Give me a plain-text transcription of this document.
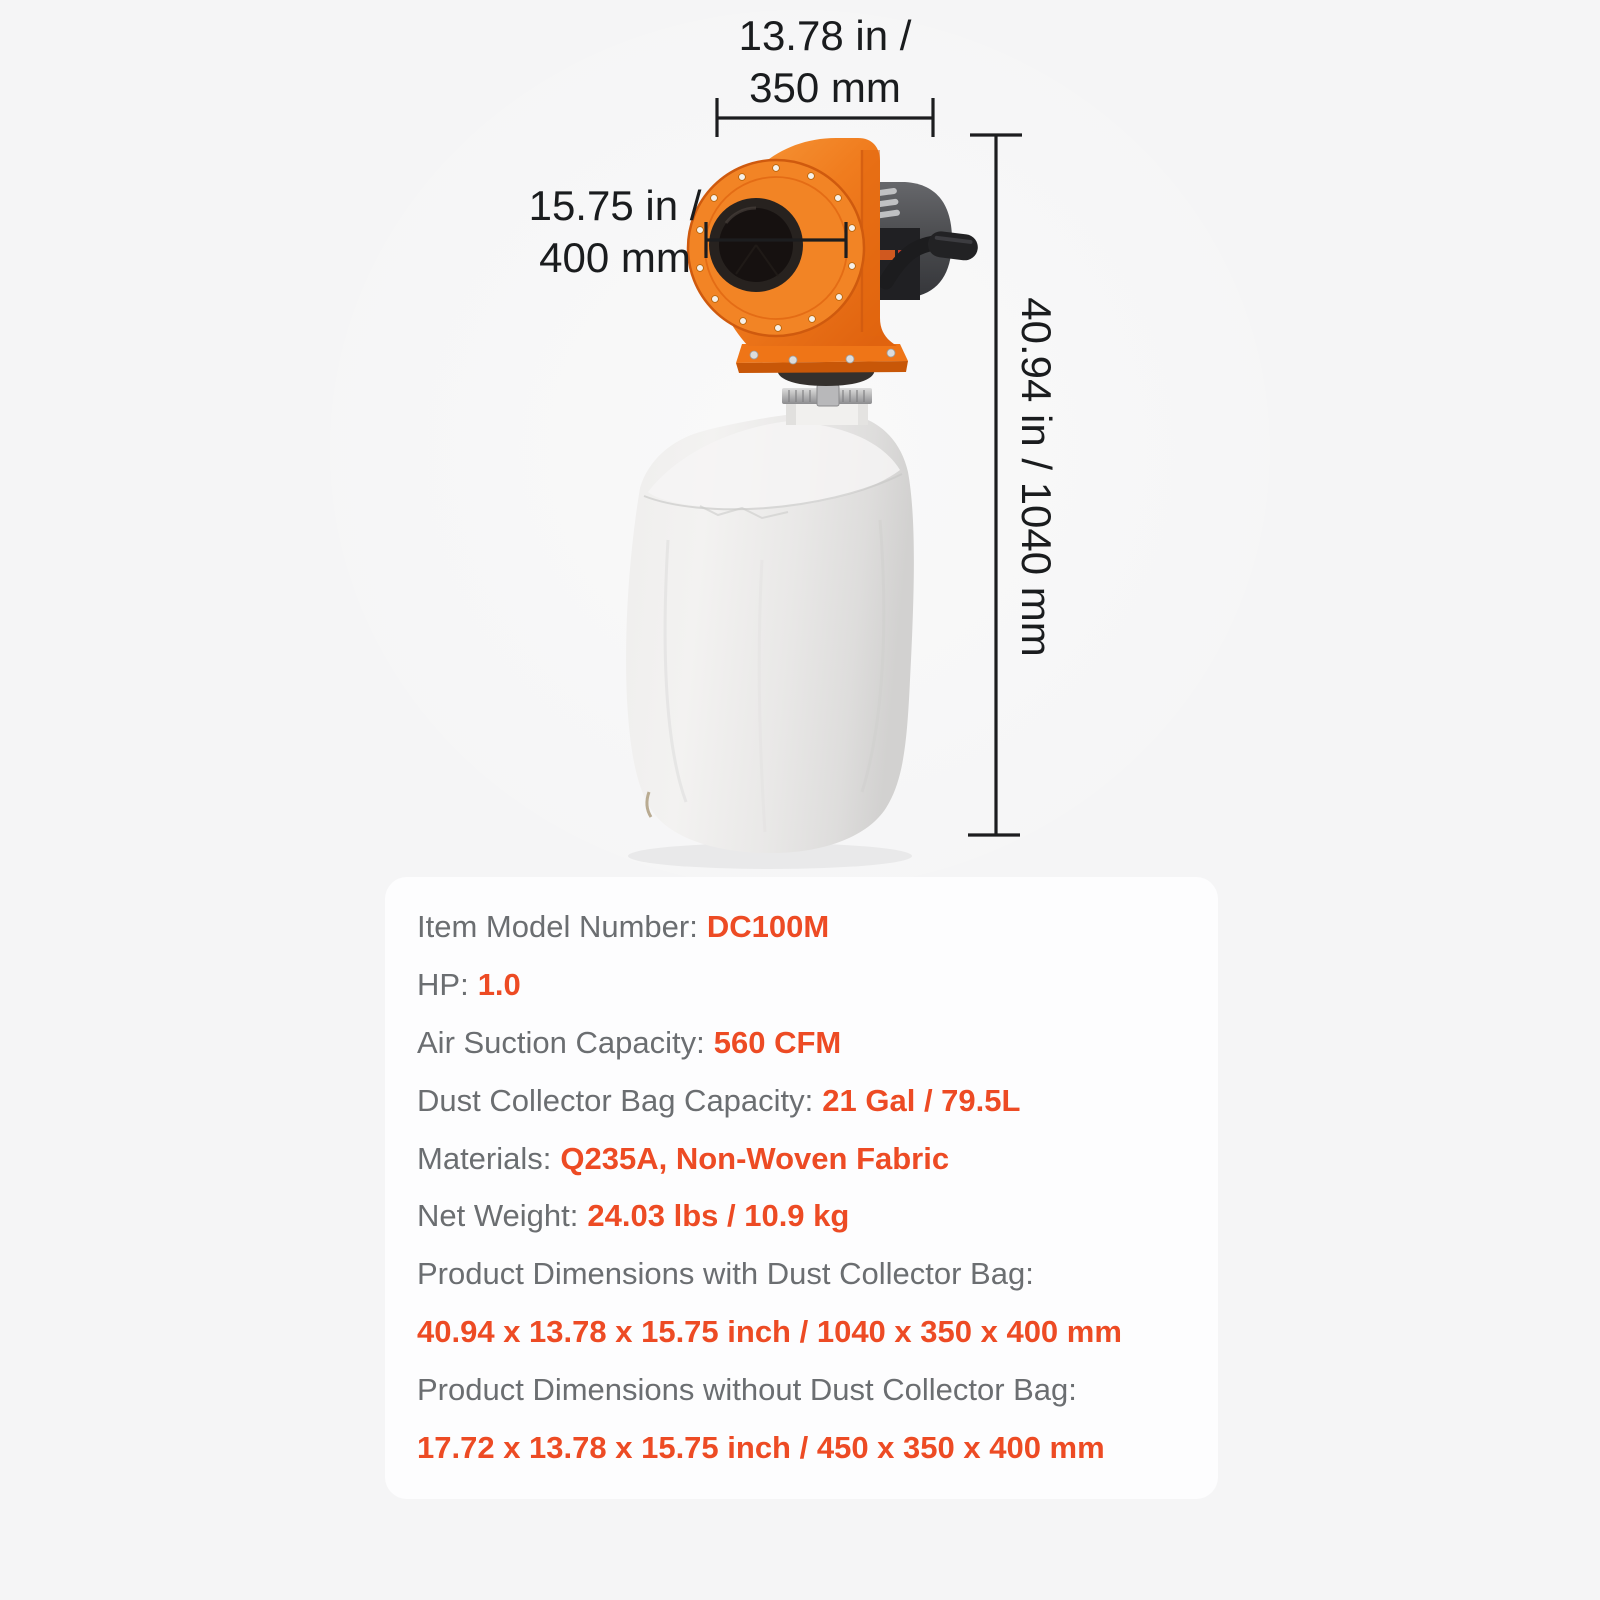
13.78 in /
350 mm
15.75 in /
400 mm
40.94 in / 1040 mm
Item Model Number: DC100M
HP: 1.0
Air Suction Capacity: 560 CFM
Dust Collector Bag Capacity: 21 Gal / 79.5L
Materials: Q235A, Non-Woven Fabric
Net Weight: 24.03 lbs / 10.9 kg
Product Dimensions with Dust Collector Bag:
40.94 x 13.78 x 15.75 inch / 1040 x 350 x 400 mm
Product Dimensions without Dust Collector Bag:
17.72 x 13.78 x 15.75 inch / 450 x 350 x 400 mm
